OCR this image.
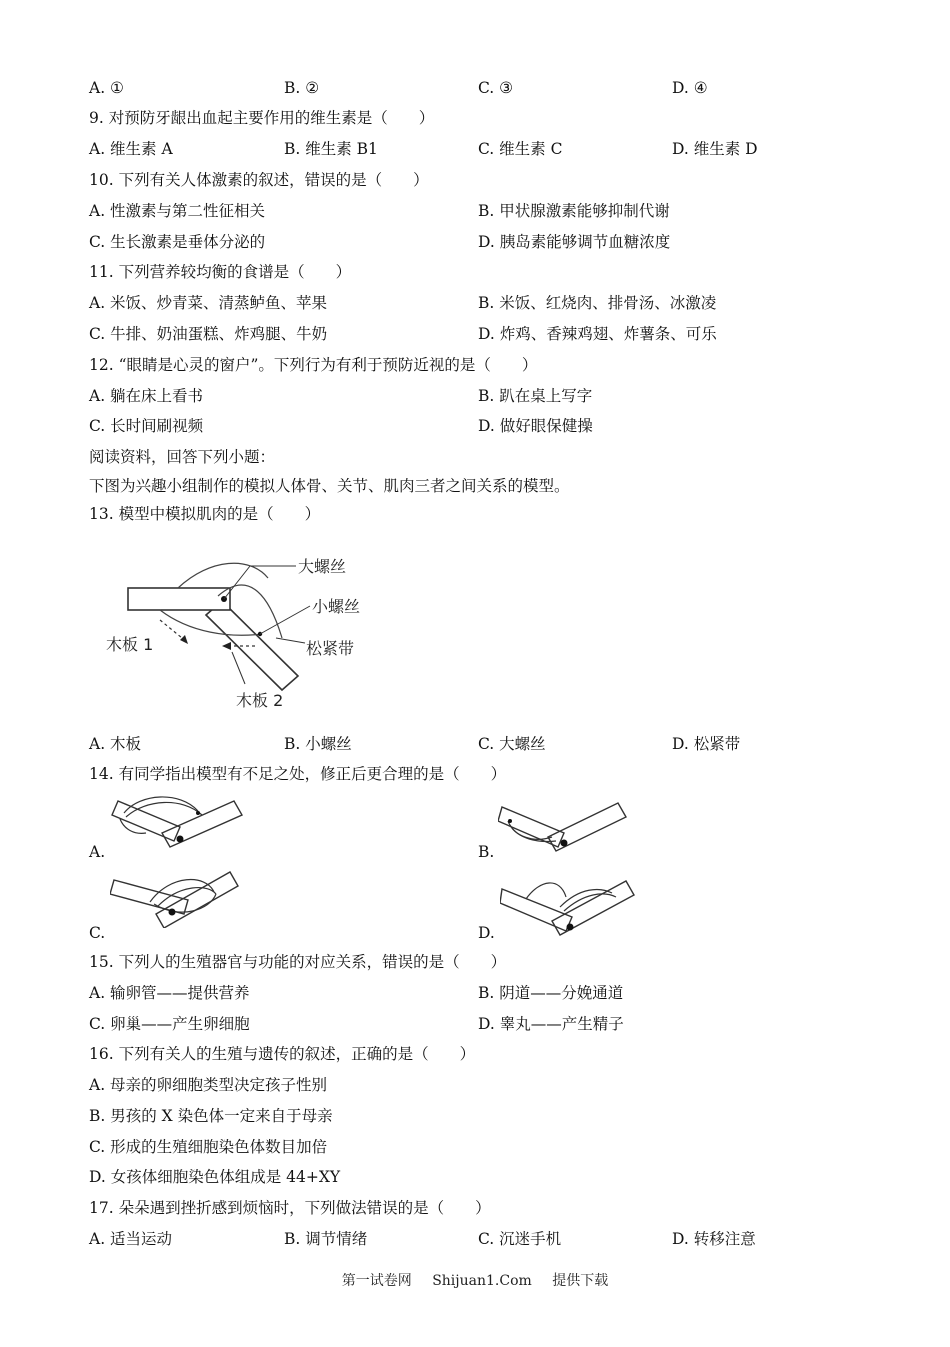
A. ①	B. ②	C. ③	D. ④
9. 对预防牙龈出血起主要作用的维生素是（　　）
A. 维生素 A	B. 维生素 B1	C. 维生素 C	D. 维生素 D
10. 下列有关人体激素的叙述，错误的是（　　）
A. 性激素与第二性征相关	B. 甲状腺激素能够抑制代谢
C. 生长激素是垂体分泌的	D. 胰岛素能够调节血糖浓度
11. 下列营养较均衡的食谱是（　　）
A. 米饭、炒青菜、清蒸鲈鱼、苹果	B. 米饭、红烧肉、排骨汤、冰激凌
C. 牛排、奶油蛋糕、炸鸡腿、牛奶	D. 炸鸡、香辣鸡翅、炸薯条、可乐
12. “眼睛是心灵的窗户”。下列行为有利于预防近视的是（　　）
A. 躺在床上看书	B. 趴在桌上写字
C. 长时间刷视频	D. 做好眼保健操
阅读资料，回答下列小题：
下图为兴趣小组制作的模拟人体骨、关节、肌肉三者之间关系的模型。
13. 模型中模拟肌肉的是（　　）
大螺丝
小螺丝
木板 1	松紧带
木板 2
A. 木板	B. 小螺丝	C. 大螺丝	D. 松紧带
14. 有同学指出模型有不足之处，修正后更合理的是（　　）
A.	B.
C.	D.
15. 下列人的生殖器官与功能的对应关系，错误的是（　　）
A. 输卵管——提供营养	B. 阴道——分娩通道
C. 卵巢——产生卵细胞	D. 睾丸——产生精子
16. 下列有关人的生殖与遗传的叙述，正确的是（　　）
A. 母亲的卵细胞类型决定孩子性别
B. 男孩的 X 染色体一定来自于母亲
C. 形成的生殖细胞染色体数目加倍
D. 女孩体细胞染色体组成是 44+XY
17. 朵朵遇到挫折感到烦恼时，下列做法错误的是（　　）
A. 适当运动	B. 调节情绪	C. 沉迷手机	D. 转移注意
第一试卷网 Shijuan1.Com 提供下载
